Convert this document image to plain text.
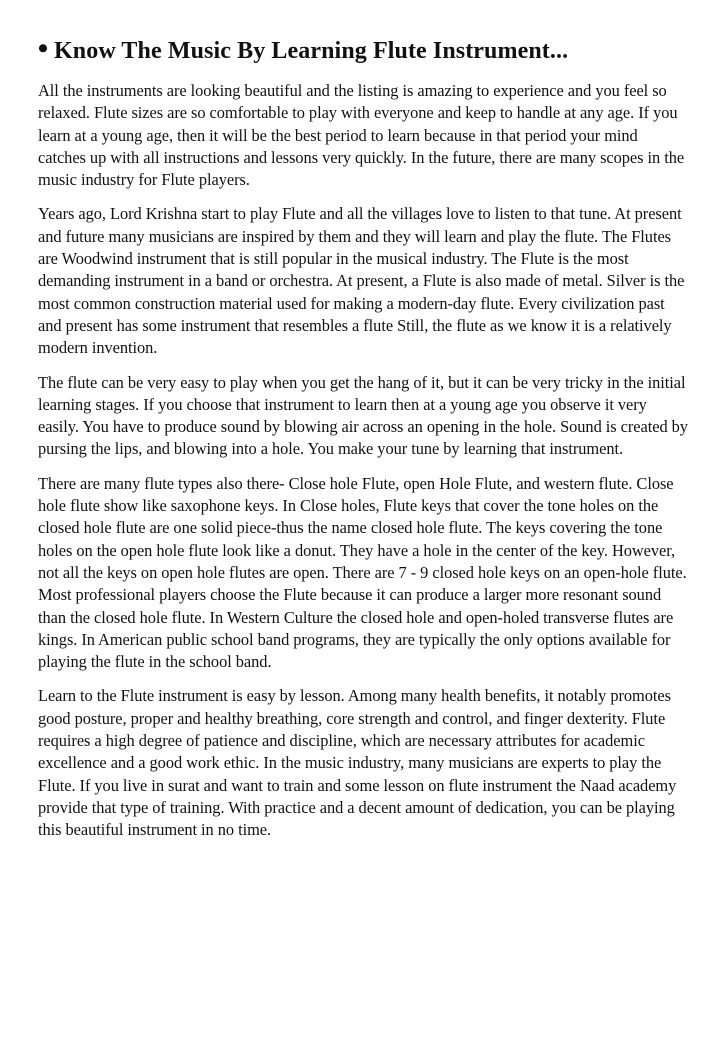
• Know The Music By Learning Flute Instrument...

All the instruments are looking beautiful and the listing is amazing to experience and you feel so relaxed. Flute sizes are so comfortable to play with everyone and keep to handle at any age. If you learn at a young age, then it will be the best period to learn because in that period your mind catches up with all instructions and lessons very quickly. In the future, there are many scopes in the music industry for Flute players.

Years ago, Lord Krishna start to play Flute and all the villages love to listen to that tune. At present and future many musicians are inspired by them and they will learn and play the flute. The Flutes are Woodwind instrument that is still popular in the musical industry. The Flute is the most demanding instrument in a band or orchestra. At present, a Flute is also made of metal. Silver is the most common construction material used for making a modern-day flute. Every civilization past and present has some instrument that resembles a flute Still, the flute as we know it is a relatively modern invention.

The flute can be very easy to play when you get the hang of it, but it can be very tricky in the initial learning stages. If you choose that instrument to learn then at a young age you observe it very easily. You have to produce sound by blowing air across an opening in the hole. Sound is created by pursing the lips, and blowing into a hole. You make your tune by learning that instrument.

There are many flute types also there- Close hole Flute, open Hole Flute, and western flute. Close hole flute show like saxophone keys. In Close holes, Flute keys that cover the tone holes on the closed hole flute are one solid piece-thus the name closed hole flute. The keys covering the tone holes on the open hole flute look like a donut. They have a hole in the center of the key. However, not all the keys on open hole flutes are open. There are 7 - 9 closed hole keys on an open-hole flute. Most professional players choose the Flute because it can produce a larger more resonant sound than the closed hole flute. In Western Culture the closed hole and open-holed transverse flutes are kings. In American public school band programs, they are typically the only options available for playing the flute in the school band.

Learn to the Flute instrument is easy by lesson. Among many health benefits, it notably promotes good posture, proper and healthy breathing, core strength and control, and finger dexterity. Flute requires a high degree of patience and discipline, which are necessary attributes for academic excellence and a good work ethic. In the music industry, many musicians are experts to play the Flute. If you live in surat and want to train and some lesson on flute instrument the Naad academy provide that type of training. With practice and a decent amount of dedication, you can be playing this beautiful instrument in no time.
